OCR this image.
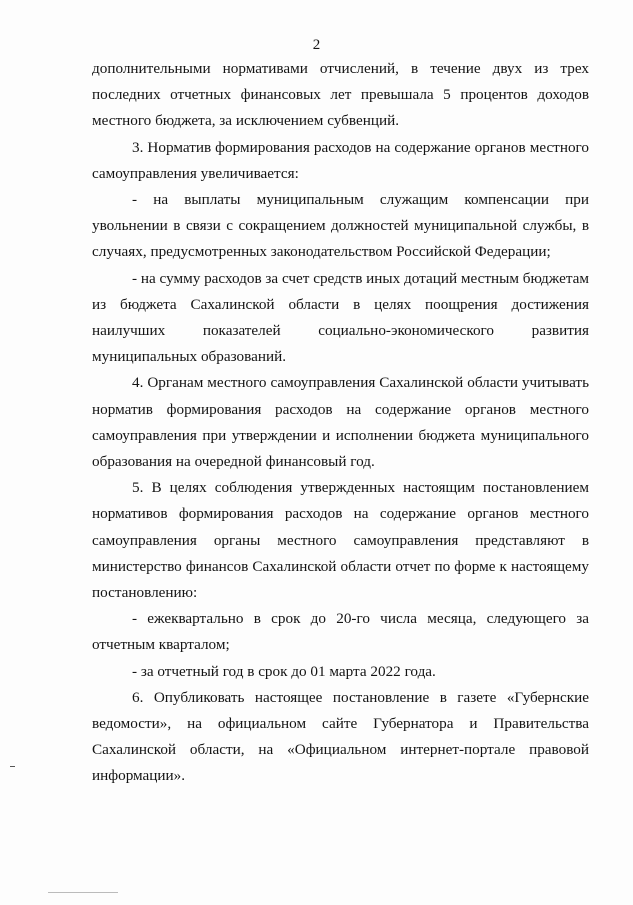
2

дополнительными нормативами отчислений, в течение двух из трех последних отчетных финансовых лет превышала 5 процентов доходов местного бюджета, за исключением субвенций.

3. Норматив формирования расходов на содержание органов местного самоуправления увеличивается:

- на выплаты муниципальным служащим компенсации при увольнении в связи с сокращением должностей муниципальной службы, в случаях, предусмотренных законодательством Российской Федерации;

- на сумму расходов за счет средств иных дотаций местным бюджетам из бюджета Сахалинской области в целях поощрения достижения наилучших показателей социально-экономического развития муниципальных образований.

4. Органам местного самоуправления Сахалинской области учитывать норматив формирования расходов на содержание органов местного самоуправления при утверждении и исполнении бюджета муниципального образования на очередной финансовый год.

5. В целях соблюдения утвержденных настоящим постановлением нормативов формирования расходов на содержание органов местного самоуправления органы местного самоуправления представляют в министерство финансов Сахалинской области отчет по форме к настоящему постановлению:

- ежеквартально в срок до 20-го числа месяца, следующего за отчетным кварталом;

- за отчетный год в срок до 01 марта 2022 года.

6. Опубликовать настоящее постановление в газете «Губернские ведомости», на официальном сайте Губернатора и Правительства Сахалинской области, на «Официальном интернет-портале правовой информации».
